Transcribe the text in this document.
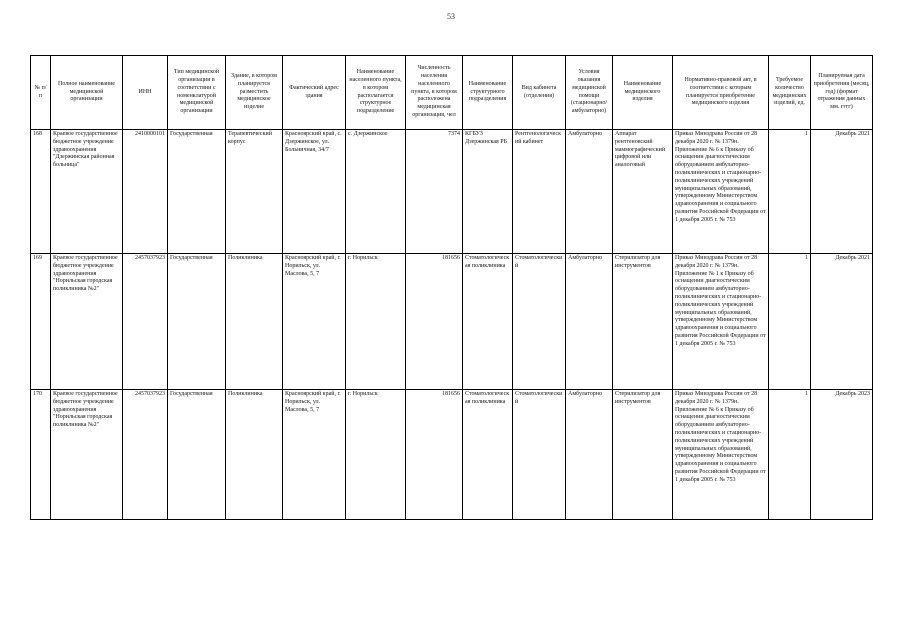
53
№ п/п	Полное наименование медицинской организации	ИНН	Тип медицинской организации в соответствии с номенклатурой медицинской организации	Здание, в котором планируется разместить медицинское изделие	Фактический адрес здания	Наименование населенного пункта, в котором располагается структурное подразделение	Численность населения населенного пункта, в котором расположена медицинская организация, чел	Наименование структурного подразделения	Вид кабинета (отделения)	Условия оказания медицинской помощи (стационарно/амбулаторно)	Наименование медицинского изделия	Нормативно-правовой акт, в соответствии с которым планируется приобретение медицинского изделия	Требуемое количество медицинских изделий, ед.	Планируемая дата приобретения (месяц, год) (формат отражения данных мм. гггг)
168	Краевое государственное бюджетное учреждение здравоохранения "Дзержинская районная больница"	2410000101	Государственная	Терапевтический корпус	Красноярский край, с. Дзержинское, ул. Больничная, 34/7	с. Дзержинское	7374	КГБУЗ Дзержинская РБ	Рентгенологический кабинет	Амбулаторно	Аппарат рентгеновский маммографический цифровой или аналоговый	Приказ Минздрава России от 28 декабря 2020 г. № 1379н. Приложение № 6 к Приказу об оснащении диагностическим оборудованием амбулаторно-поликлинических и стационарно-поликлинических учреждений муниципальных образований, утвержденному Министерством здравоохранения и социального развития Российской Федерации от 1 декабря 2005 г. № 753	1	Декабрь 2021
169	Краевое государственное бюджетное учреждение здравоохранения "Норильская городская поликлиника №2"	2457037923	Государственная	Поликлиника	Красноярский край, г. Норильск, ул. Маслова, 5, 7	г. Норильск	181656	Стоматологическая поликлиника	Стоматологический	Амбулаторно	Стерилизатор для инструментов	Приказ Минздрава России от 28 декабря 2020 г. № 1379н. Приложение № 1 к Приказу об оснащении диагностическим оборудованием амбулаторно-поликлинических и стационарно-поликлинических учреждений муниципальных образований, утвержденному Министерством здравоохранения и социального развития Российской Федерации от 1 декабря 2005 г. № 753	1	Декабрь 2021
170	Краевое государственное бюджетное учреждение здравоохранения "Норильская городская поликлиника №2"	2457037923	Государственная	Поликлиника	Красноярский край, г. Норильск, ул. Маслова, 5, 7	г. Норильск	181656	Стоматологическая поликлиника	Стоматологический	Амбулаторно	Стерилизатор для инструментов	Приказ Минздрава России от 28 декабря 2020 г. № 1379н. Приложение № 6 к Приказу об оснащении диагностическим оборудованием амбулаторно-поликлинических и стационарно-поликлинических учреждений муниципальных образований, утвержденному Министерством здравоохранения и социального развития Российской Федерации от 1 декабря 2005 г. № 753	1	Декабрь 2023
